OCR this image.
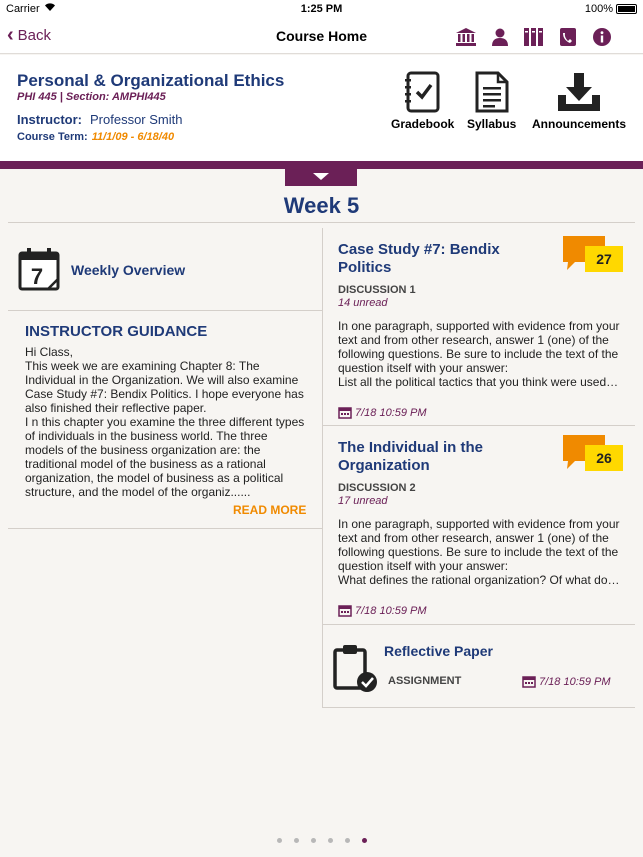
Carrier	1:25 PM	100%
‹ Back	Course Home
Personal & Organizational Ethics
PHI 445 | Section: AMPHI445
Instructor: Professor Smith
Course Term: 11/1/09 - 6/18/40
Gradebook Syllabus Announcements
Week 5
7 Weekly Overview
INSTRUCTOR GUIDANCE
Hi Class,
This week we are examining Chapter 8: The
Individual in the Organization. We will also examine
Case Study #7: Bendix Politics. I hope everyone has
also finished their reflective paper.
I n this chapter you examine the three different types
of individuals in the business world. The three
models of the business organization are: the
traditional model of the business as a rational
organization, the model of business as a political
structure, and the model of the organiz......
READ MORE
Case Study #7: Bendix Politics
DISCUSSION 1
14 unread
In one paragraph, supported with evidence from your
text and from other research, answer 1 (one) of the
following questions. Be sure to include the text of the
question itself with your answer:
List all the political tactics that you think were used…
7/18 10:59 PM
27
The Individual in the Organization
DISCUSSION 2
17 unread
In one paragraph, supported with evidence from your
text and from other research, answer 1 (one) of the
following questions. Be sure to include the text of the
question itself with your answer:
What defines the rational organization? Of what do…
7/18 10:59 PM
26
Reflective Paper
ASSIGNMENT	7/18 10:59 PM
